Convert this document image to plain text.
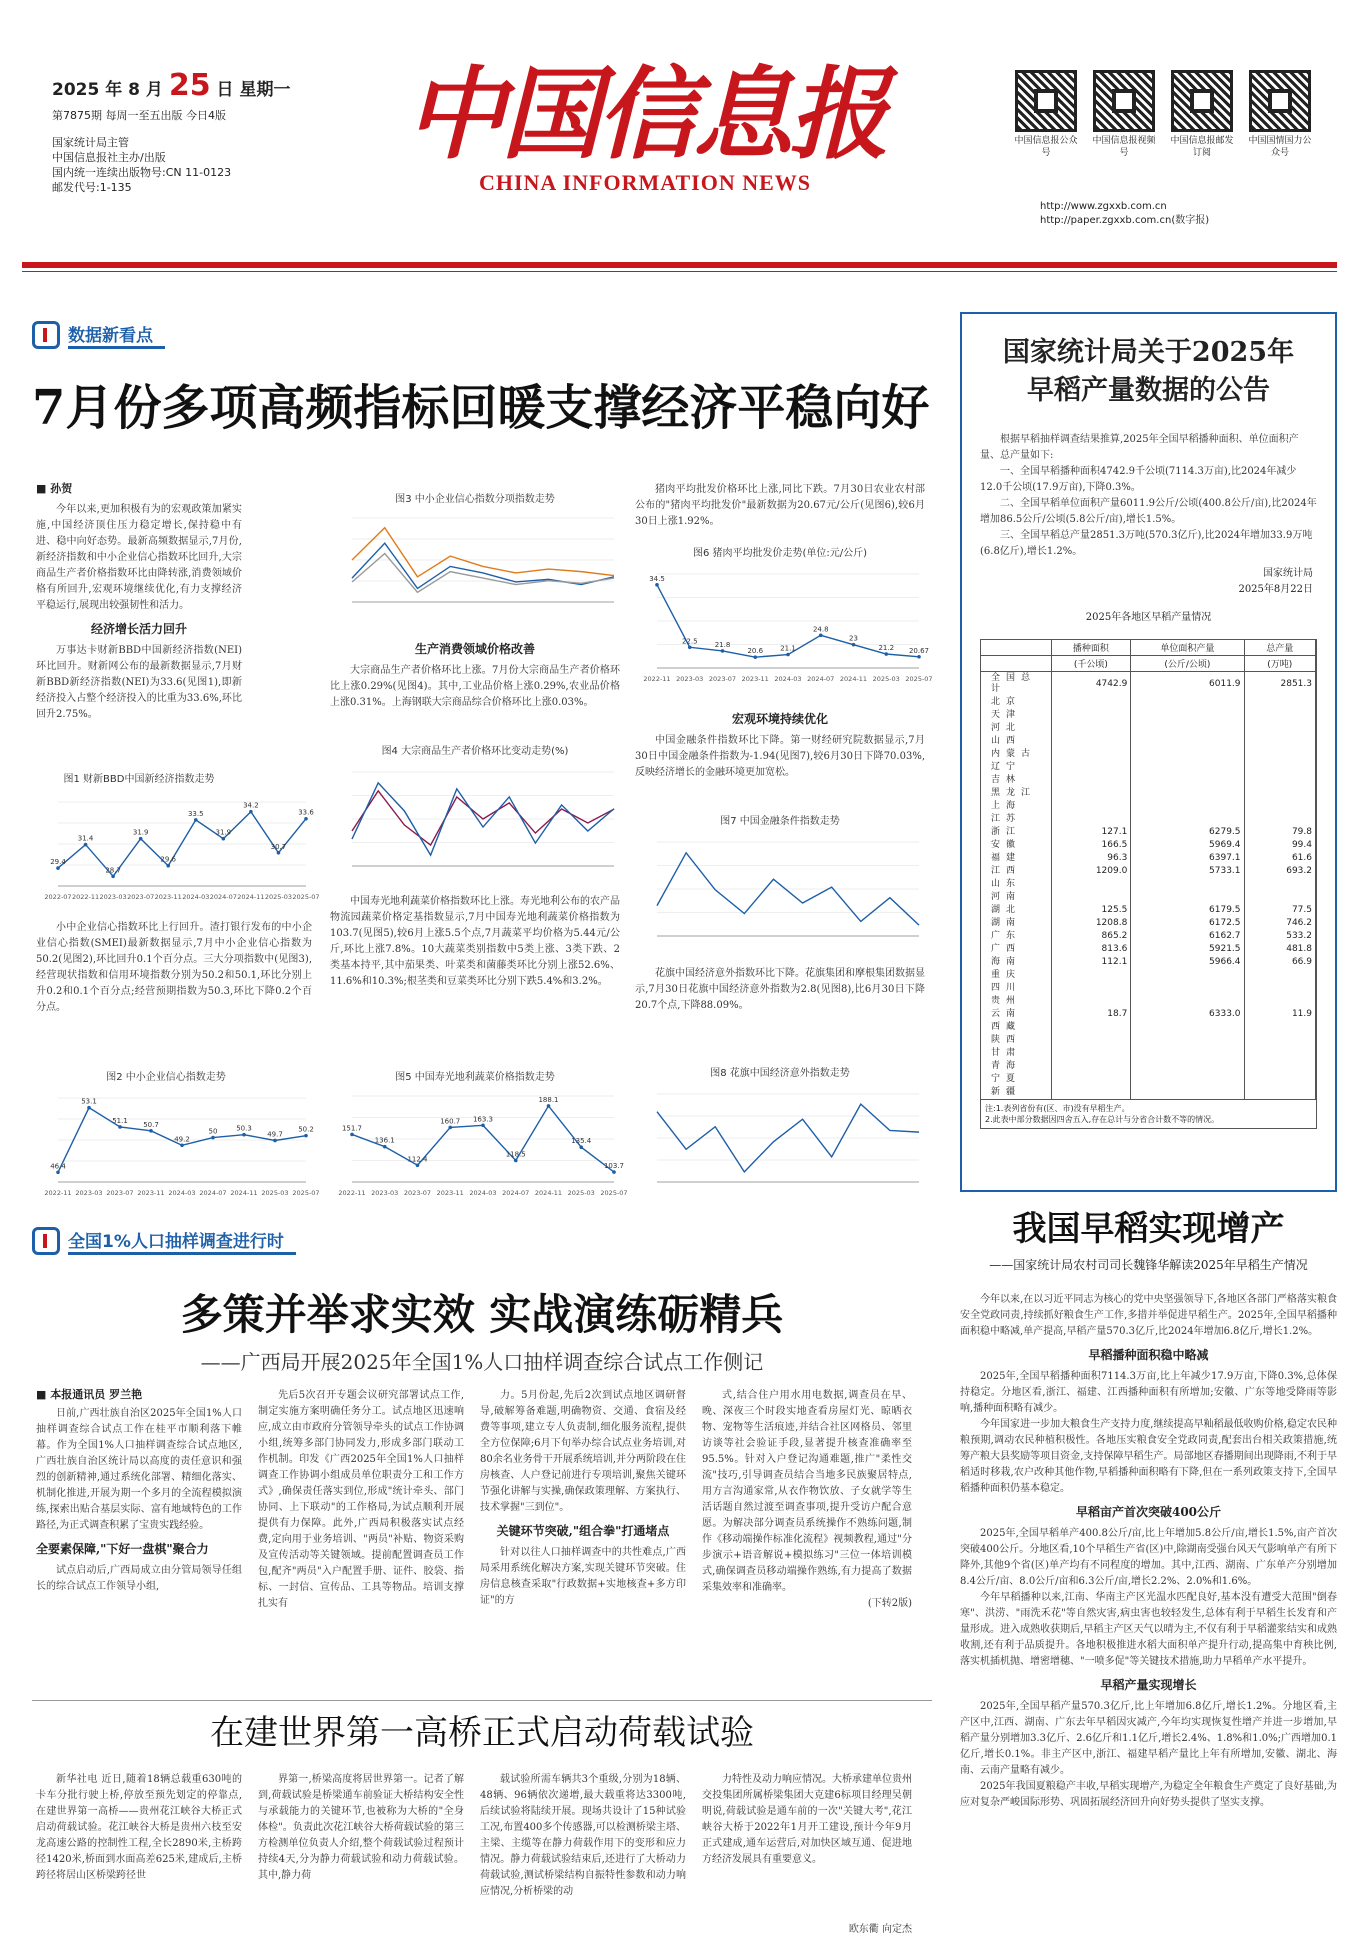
2025 年 8 月 25 日 星期一
第7875期 每周一至五出版 今日4版
国家统计局主管
中国信息报社主办/出版
国内统一连续出版物号:CN 11-0123
邮发代号:1-135
中国信息报
CHINA INFORMATION NEWS
中国信息报公众号
中国信息报视频号
中国信息报邮发订阅
中国国情国力公众号
http://www.zgxxb.com.cn
http://paper.zgxxb.com.cn(数字报)
数据新看点
7月份多项高频指标回暖支撑经济平稳向好
■ 孙贺
今年以来,更加积极有为的宏观政策加紧实施,中国经济顶住压力稳定增长,保持稳中有进、稳中向好态势。最新高频数据显示,7月份,新经济指数和中小企业信心指数环比回升,大宗商品生产者价格指数环比由降转涨,消费领域价格有所回升,宏观环境继续优化,有力支撑经济平稳运行,展现出较强韧性和活力。
经济增长活力回升
万事达卡财新BBD中国新经济指数(NEI)环比回升。财新网公布的最新数据显示,7月财新BBD新经济指数(NEI)为33.6(见图1),即新经济投入占整个经济投入的比重为33.6%,环比回升2.75%。
图1 财新BBD中国新经济指数走势
29.4
31.4
28.7
31.9
29.6
33.5
31.9
34.2
30.7
33.6
2022-07 2022-11 2023-03 2023-07 2023-11 2024-03 2024-07 2024-11 2025-03 2025-07
小中企业信心指数环比上行回升。渣打银行发布的中小企业信心指数(SMEI)最新数据显示,7月中小企业信心指数为50.2(见图2),环比回升0.1个百分点。三大分项指数中(见图3),经营现状指数和信用环境指数分别为50.2和50.1,环比分别上升0.2和0.1个百分点;经营预期指数为50.3,环比下降0.2个百分点。
图2 中小企业信心指数走势
46.4
53.1
51.1 50.7
49.2
50	50.3
49.7
50.2
2022-11 2023-03 2023-07 2023-11 2024-03 2024-07 2024-11 2025-03 2025-07
图3 中小企业信心指数分项指数走势
生产消费领域价格改善
大宗商品生产者价格环比上涨。7月份大宗商品生产者价格环比上涨0.29%(见图4)。其中,工业品价格上涨0.29%,农业品价格上涨0.31%。上海钢联大宗商品综合价格环比上涨0.03%。
图4 大宗商品生产者价格环比变动走势(%)
中国寿光地利蔬菜价格指数环比上涨。寿光地利公布的农产品物流园蔬菜价格定基指数显示,7月中国寿光地利蔬菜价格指数为103.7(见图5),较6月上涨5.5个点,7月蔬菜平均价格为5.44元/公斤,环比上涨7.8%。10大蔬菜类别指数中5类上涨、3类下跌、2类基本持平,其中茄果类、叶菜类和菌藤类环比分别上涨52.6%、11.6%和10.3%;根茎类和豆菜类环比分别下跌5.4%和3.2%。
图5 中国寿光地利蔬菜价格指数走势
151.7
136.1
112.4
160.7 163.3
118.5
188.1
135.4
103.7
2022-11 2023-03 2023-07 2023-11 2024-03 2024-07 2024-11 2025-03 2025-07
猪肉平均批发价格环比上涨,同比下跌。7月30日农业农村部公布的"猪肉平均批发价"最新数据为20.67元/公斤(见图6),较6月30日上涨1.92%。
图6 猪肉平均批发价走势(单位:元/公斤)
34.5
22.5 21.8
20.6 21.1
24.8
23
21.2 20.67
2022-11 2023-03 2023-07 2023-11 2024-03 2024-07 2024-11 2025-03 2025-07
宏观环境持续优化
中国金融条件指数环比下降。第一财经研究院数据显示,7月30日中国金融条件指数为-1.94(见图7),较6月30日下降70.03%,反映经济增长的金融环境更加宽松。
图7 中国金融条件指数走势
花旗中国经济意外指数环比下降。花旗集团和摩根集团数据显示,7月30日花旗中国经济意外指数为2.8(见图8),比6月30日下降20.7个点,下降88.09%。
图8 花旗中国经济意外指数走势
国家统计局关于2025年
早稻产量数据的公告
根据早稻抽样调查结果推算,2025年全国早稻播种面积、单位面积产量、总产量如下:
一、全国早稻播种面积4742.9千公顷(7114.3万亩),比2024年减少12.0千公顷(17.9万亩),下降0.3%。
二、全国早稻单位面积产量6011.9公斤/公顷(400.8公斤/亩),比2024年增加86.5公斤/公顷(5.8公斤/亩),增长1.5%。
三、全国早稻总产量2851.3万吨(570.3亿斤),比2024年增加33.9万吨(6.8亿斤),增长1.2%。
国家统计局
2025年8月22日
2025年各地区早稻产量情况
	播种面积	单位面积产量	总产量
	(千公顷)	(公斤/公顷)	(万吨)
全国总计	4742.9	6011.9	2851.3
北京			
天津			
河北			
山西			
内蒙古			
辽宁			
吉林			
黑龙江			
上海			
江苏			
浙江	127.1	6279.5	79.8
安徽	166.5	5969.4	99.4
福建	96.3	6397.1	61.6
江西	1209.0	5733.1	693.2
山东			
河南			
湖北	125.5	6179.5	77.5
湖南	1208.8	6172.5	746.2
广东	865.2	6162.7	533.2
广西	813.6	5921.5	481.8
海南	112.1	5966.4	66.9
重庆			
四川			
贵州			
云南	18.7	6333.0	11.9
西藏			
陕西			
甘肃			
青海			
宁夏			
新疆			
注:1.表列省份有(区、市)没有早稻生产。
2.此表中部分数据因四舍五入,存在总计与分省合计数不等的情况。
我国早稻实现增产
——国家统计局农村司司长魏锋华解读2025年早稻生产情况
今年以来,在以习近平同志为核心的党中央坚强领导下,各地区各部门严格落实粮食安全党政同责,持续抓好粮食生产工作,多措并举促进早稻生产。2025年,全国早稻播种面积稳中略减,单产提高,早稻产量570.3亿斤,比2024年增加6.8亿斤,增长1.2%。
早稻播种面积稳中略减
2025年,全国早稻播种面积7114.3万亩,比上年减少17.9万亩,下降0.3%,总体保持稳定。分地区看,浙江、福建、江西播种面积有所增加;安徽、广东等地受降雨等影响,播种面积略有减少。
今年国家进一步加大粮食生产支持力度,继续提高早籼稻最低收购价格,稳定农民种粮预期,调动农民种植积极性。各地压实粮食安全党政同责,配套出台相关政策措施,统筹产粮大县奖励等项目资金,支持保障早稻生产。局部地区春播期间出现降雨,不利于早稻适时移栽,农户改种其他作物,早稻播种面积略有下降,但在一系列政策支持下,全国早稻播种面积仍基本稳定。
早稻亩产首次突破400公斤
2025年,全国早稻单产400.8公斤/亩,比上年增加5.8公斤/亩,增长1.5%,亩产首次突破400公斤。分地区看,10个早稻生产省(区)中,除湖南受强台风天气影响单产有所下降外,其他9个省(区)单产均有不同程度的增加。其中,江西、湖南、广东单产分别增加8.4公斤/亩、8.0公斤/亩和6.3公斤/亩,增长2.2%、2.0%和1.6%。
今年早稻播种以来,江南、华南主产区光温水匹配良好,基本没有遭受大范围"倒春寒"、洪涝、"雨洗禾花"等自然灾害,病虫害也较轻发生,总体有利于早稻生长发育和产量形成。进入成熟收获期后,早稻主产区天气以晴为主,不仅有利于早稻灌浆结实和成熟收割,还有利于品质提升。各地积极推进水稻大面积单产提升行动,提高集中育秧比例,落实机插机抛、增密增穗、"一喷多促"等关键技术措施,助力早稻单产水平提升。
早稻产量实现增长
2025年,全国早稻产量570.3亿斤,比上年增加6.8亿斤,增长1.2%。分地区看,主产区中,江西、湖南、广东去年早稻因灾减产,今年均实现恢复性增产并进一步增加,早稻产量分别增加3.3亿斤、2.6亿斤和1.1亿斤,增长2.4%、1.8%和1.0%;广西增加0.1亿斤,增长0.1%。非主产区中,浙江、福建早稻产量比上年有所增加,安徽、湖北、海南、云南产量略有减少。
2025年我国夏粮稳产丰收,早稻实现增产,为稳定全年粮食生产奠定了良好基础,为应对复杂严峻国际形势、巩固拓展经济回升向好势头提供了坚实支撑。
全国1%人口抽样调查进行时
多策并举求实效 实战演练砺精兵
——广西局开展2025年全国1%人口抽样调查综合试点工作侧记
■ 本报通讯员 罗兰艳
日前,广西壮族自治区2025年全国1%人口抽样调查综合试点工作在桂平市顺利落下帷幕。作为全国1%人口抽样调查综合试点地区,广西壮族自治区统计局以高度的责任意识和强烈的创新精神,通过系统化部署、精细化落实、机制化推进,开展为期一个多月的全流程模拟演练,探索出贴合基层实际、富有地域特色的工作路径,为正式调查积累了宝贵实践经验。
全要素保障,"下好一盘棋"聚合力
试点启动后,广西局成立由分管局领导任组长的综合试点工作领导小组,
先后5次召开专题会议研究部署试点工作,制定实施方案明确任务分工。试点地区迅速响应,成立由市政府分管领导牵头的试点工作协调小组,统筹多部门协同发力,形成多部门联动工作机制。印发《广西2025年全国1%人口抽样调查工作协调小组成员单位职责分工和工作方式》,确保责任落实到位,形成"统计牵头、部门协同、上下联动"的工作格局,为试点顺利开展提供有力保障。此外,广西局积极落实试点经费,定向用于业务培训、"两员"补贴、物资采购及宣传活动等关键领域。提前配置调查员工作包,配齐"两员"入户配置手册、证件、胶袋、指标、一封信、宣传品、工具等物品。培训支撑扎实有
力。5月份起,先后2次到试点地区调研督导,破解筹备难题,明确物资、交通、食宿及经费等事项,建立专人负责制,细化服务流程,提供全方位保障;6月下旬举办综合试点业务培训,对80余名业务骨干开展系统培训,并分两阶段在住房核查、人户登记前进行专项培训,聚焦关键环节强化讲解与实操,确保政策理解、方案执行、技术掌握"三到位"。
关键环节突破,"组合拳"打通堵点
针对以往人口抽样调查中的共性难点,广西局采用系统化解决方案,实现关键环节突破。住房信息核查采取"行政数据+实地核查+多方印证"的方
式,结合住户用水用电数据,调查员在早、晚、深夜三个时段实地查看房屋灯光、晾晒衣物、宠物等生活痕迹,并结合社区网格员、邻里访谈等社会验证手段,显著提升核查准确率至95.5%。针对入户登记沟通难题,推广"柔性交流"技巧,引导调查员结合当地多民族聚居特点,用方言沟通家常,从衣作物饮放、子女就学等生活话题自然过渡至调查事项,提升受访户配合意愿。为解决部分调查员系统操作不熟练问题,制作《移动端操作标准化流程》视频教程,通过"分步演示+语音解说+模拟练习"三位一体培训模式,确保调查员移动端操作熟练,有力提高了数据采集效率和准确率。
(下转2版)
在建世界第一高桥正式启动荷载试验
新华社电 近日,随着18辆总载重630吨的卡车分批行驶上桥,停放至预先划定的停靠点,在建世界第一高桥——贵州花江峡谷大桥正式启动荷载试验。花江峡谷大桥是贵州六枝至安龙高速公路的控制性工程,全长2890米,主桥跨径1420米,桥面到水面高差625米,建成后,主桥跨径将居山区桥梁跨径世
界第一,桥梁高度将居世界第一。记者了解到,荷载试验是桥梁通车前验证大桥结构安全性与承载能力的关键环节,也被称为大桥的"全身体检"。负责此次花江峡谷大桥荷载试验的第三方检测单位负责人介绍,整个荷载试验过程预计持续4天,分为静力荷载试验和动力荷载试验。其中,静力荷
载试验所需车辆共3个重级,分别为18辆、48辆、96辆依次递增,最大载重将达3300吨,后续试验将陆续开展。现场共设计了15种试验工况,布置400多个传感器,可以检测桥梁主塔、主梁、主缆等在静力荷载作用下的变形和应力情况。静力荷载试验结束后,还进行了大桥动力荷载试验,测试桥梁结构自振特性参数和动力响应情况,分析桥梁的动
力特性及动力响应情况。大桥承建单位贵州交投集团所属桥梁集团大克建6标项目经理吴朝明说,荷载试验是通车前的一次"关键大考",花江峡谷大桥于2022年1月开工建设,预计今年9月正式建成,通车运营后,对加快区域互通、促进地方经济发展具有重要意义。
欧东衢 向定杰
